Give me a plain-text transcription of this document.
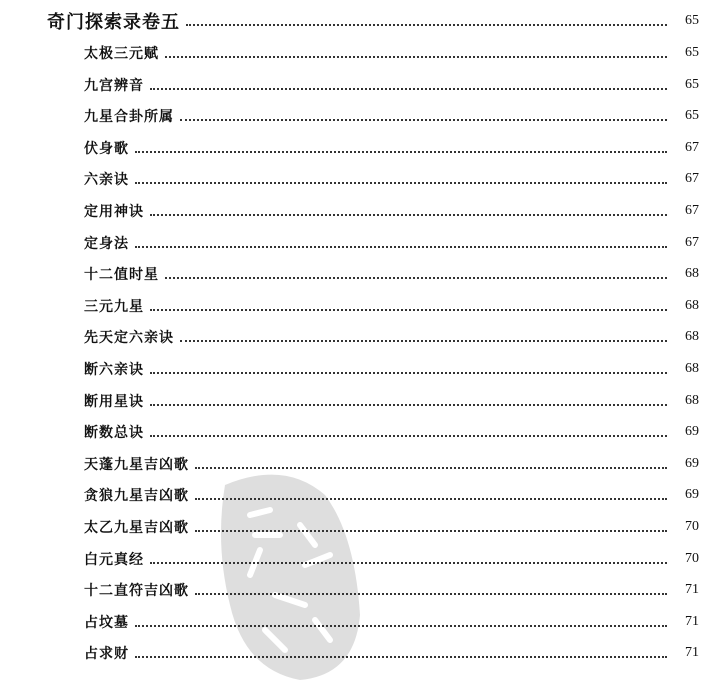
奇门探索录卷五	65
太极三元赋	65
九宫辨音	65
九星合卦所属	65
伏身歌	67
六亲诀	67
定用神诀	67
定身法	67
十二值时星	68
三元九星	68
先天定六亲诀	68
断六亲诀	68
断用星诀	68
断数总诀	69
天蓬九星吉凶歌	69
贪狼九星吉凶歌	69
太乙九星吉凶歌	70
白元真经	70
十二直符吉凶歌	71
占坟墓	71
占求财	71
